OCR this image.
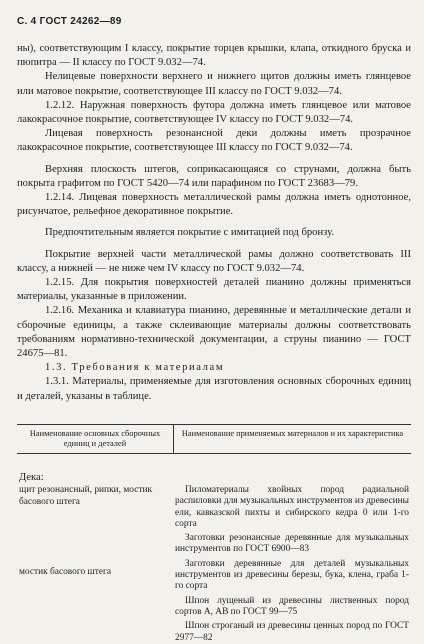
С. 4 ГОСТ 24262—89

ны), соответствующим I классу, покрытие торцев крышки, клапа, откидного бруска и пюпитра — II классу по ГОСТ 9.032—74.

Нелицевые поверхности верхнего и нижнего щитов должны иметь глянцевое или матовое покрытие, соответствующее III классу по ГОСТ 9.032—74.

1.2.12. Наружная поверхность футора должна иметь глянцевое или матовое лакокрасочное покрытие, соответствующее IV классу по ГОСТ 9.032—74.

Лицевая поверхность резонансной деки должны иметь прозрачное лакокрасочное покрытие, соответствующее III классу по ГОСТ 9.032—74.

Верхняя плоскость штегов, соприкасающаяся со струнами, должна быть покрыта графитом по ГОСТ 5420—74 или парафином по ГОСТ 23683—79.

1.2.14. Лицевая поверхность металлической рамы должна иметь однотонное, рисунчатое, рельефное декоративное покрытие.

Предпочтительным является покрытие с имитацией под бронзу.

Покрытие верхней части металлической рамы должно соответствовать III классу, а нижней — не ниже чем IV классу по ГОСТ 9.032—74.

1.2.15. Для покрытия поверхностей деталей пианино должны применяться материалы, указанные в приложении.

1.2.16. Механика и клавиатура пианино, деревянные и металлические детали и сборочные единицы, а также склеивающие материалы должны соответствовать требованиям нормативно-технической документации, а струны пианино — ГОСТ 24675—81.

1.3. Требования к материалам

1.3.1. Материалы, применяемые для изготовления основных сборочных единиц и деталей, указаны в таблице.

Наименование основных сборочных единиц и деталей
Наименование применяемых материалов и их характеристика
Дека:
щит резонансный, рипки, мостик басового штега
мостик басового штега

Пиломатериалы хвойных пород радиальной распиловки для музыкальных инструментов из древесины ели, кавказской пихты и сибирского кедра 0 или 1-го сорта

Заготовки резонансные деревянные для музыкальных инструментов по ГОСТ 6900—83

Заготовки деревянные для деталей музыкальных инструментов из древесины березы, бука, клена, граба 1-го сорта

Шпон лущеный из древесины лиственных пород сортов А, АВ по ГОСТ 99—75

Шпон строганый из древесины ценных пород по ГОСТ 2977—82
